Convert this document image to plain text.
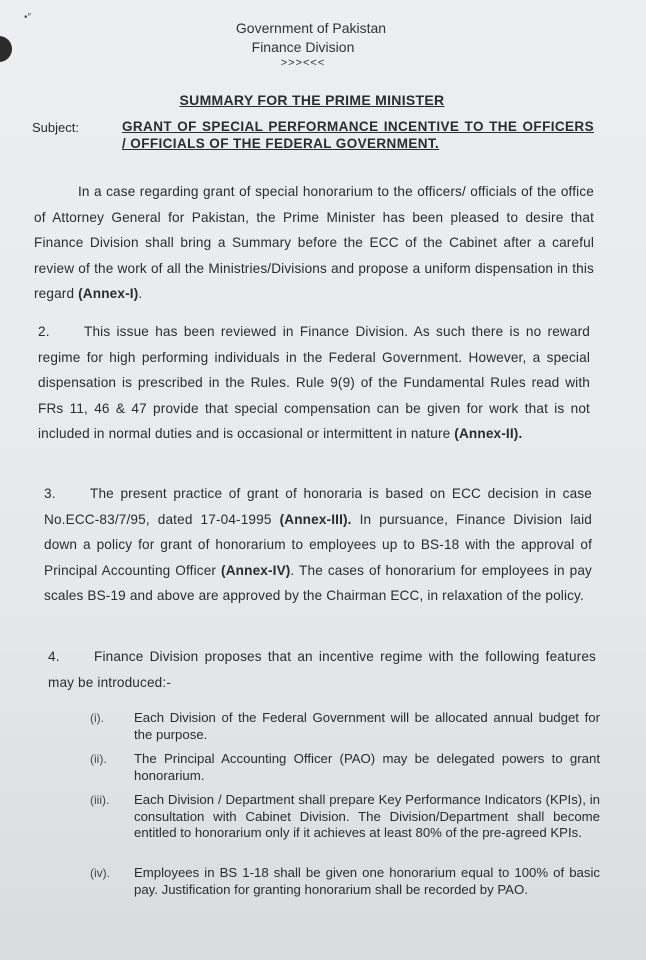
•″
Government of Pakistan
Finance Division
>>><<<
SUMMARY FOR THE PRIME MINISTER
Subject:	GRANT OF SPECIAL PERFORMANCE INCENTIVE TO THE OFFICERS / OFFICIALS OF THE FEDERAL GOVERNMENT.
In a case regarding grant of special honorarium to the officers/ officials of the office of Attorney General for Pakistan, the Prime Minister has been pleased to desire that Finance Division shall bring a Summary before the ECC of the Cabinet after a careful review of the work of all the Ministries/Divisions and propose a uniform dispensation in this regard (Annex-I).
2.	This issue has been reviewed in Finance Division. As such there is no reward regime for high performing individuals in the Federal Government. However, a special dispensation is prescribed in the Rules. Rule 9(9) of the Fundamental Rules read with FRs 11, 46 & 47 provide that special compensation can be given for work that is not included in normal duties and is occasional or intermittent in nature (Annex-II).
3.	The present practice of grant of honoraria is based on ECC decision in case No.ECC-83/7/95, dated 17-04-1995 (Annex-III). In pursuance, Finance Division laid down a policy for grant of honorarium to employees up to BS-18 with the approval of Principal Accounting Officer (Annex-IV). The cases of honorarium for employees in pay scales BS-19 and above are approved by the Chairman ECC, in relaxation of the policy.
4.	Finance Division proposes that an incentive regime with the following features may be introduced:-
(i).	Each Division of the Federal Government will be allocated annual budget for the purpose.
(ii).	The Principal Accounting Officer (PAO) may be delegated powers to grant honorarium.
(iii).	Each Division / Department shall prepare Key Performance Indicators (KPIs), in consultation with Cabinet Division. The Division/Department shall become entitled to honorarium only if it achieves at least 80% of the pre-agreed KPIs.
(iv).	Employees in BS 1-18 shall be given one honorarium equal to 100% of basic pay. Justification for granting honorarium shall be recorded by PAO.
